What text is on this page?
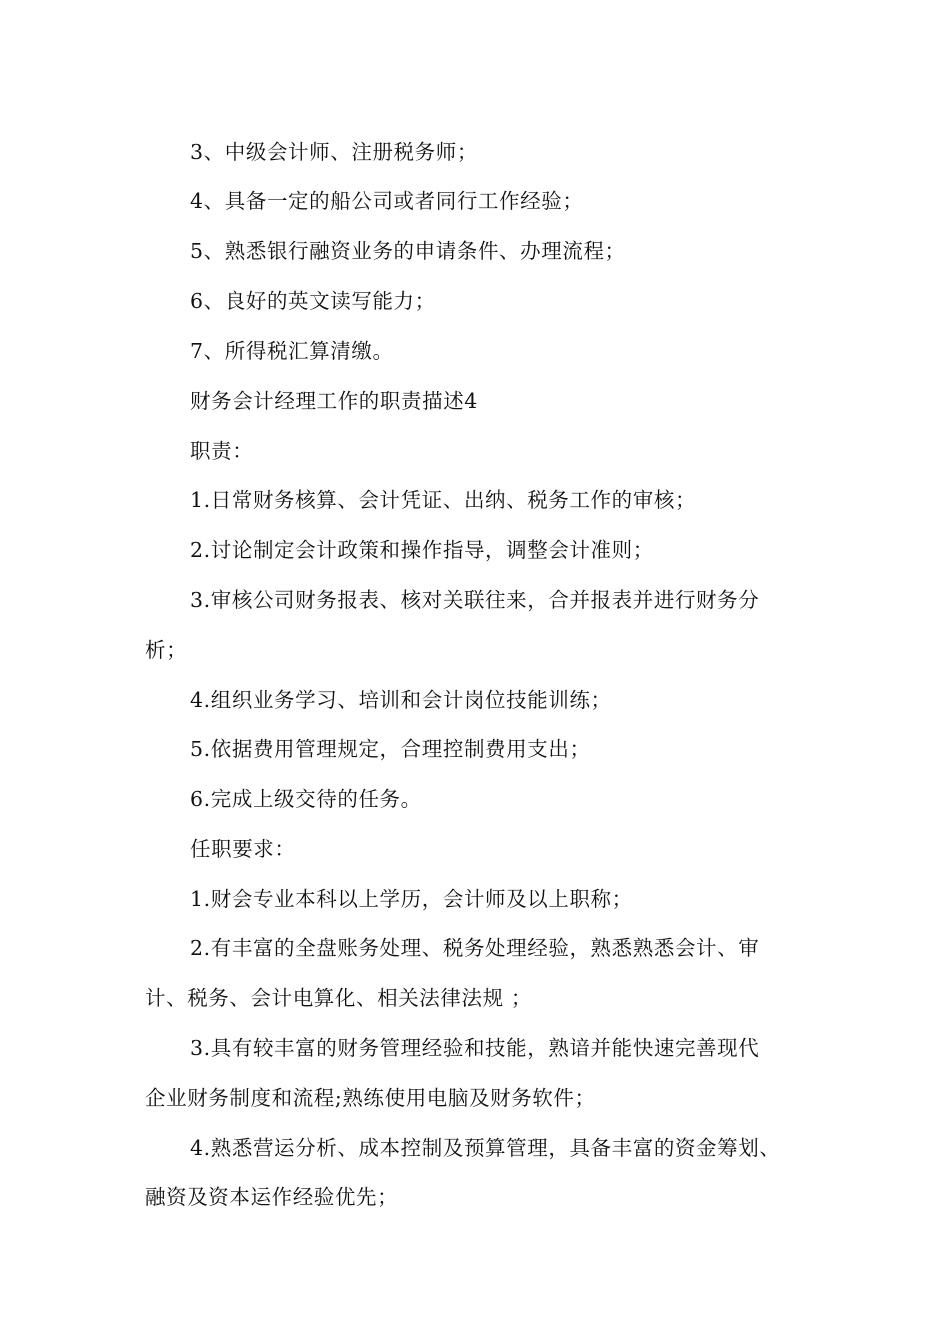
3、中级会计师、注册税务师；
4、具备一定的船公司或者同行工作经验；
5、熟悉银行融资业务的申请条件、办理流程；
6、良好的英文读写能力；
7、所得税汇算清缴。
财务会计经理工作的职责描述4
职责：
1.日常财务核算、会计凭证、出纳、税务工作的审核；
2.讨论制定会计政策和操作指导，调整会计准则；
3.审核公司财务报表、核对关联往来，合并报表并进行财务分
析；
4.组织业务学习、培训和会计岗位技能训练；
5.依据费用管理规定，合理控制费用支出；
6.完成上级交待的任务。
任职要求：
1.财会专业本科以上学历，会计师及以上职称；
2.有丰富的全盘账务处理、税务处理经验，熟悉熟悉会计、审
计、税务、会计电算化、相关法律法规 ；
3.具有较丰富的财务管理经验和技能，熟谙并能快速完善现代
企业财务制度和流程;熟练使用电脑及财务软件；
4.熟悉营运分析、成本控制及预算管理，具备丰富的资金筹划、
融资及资本运作经验优先；
